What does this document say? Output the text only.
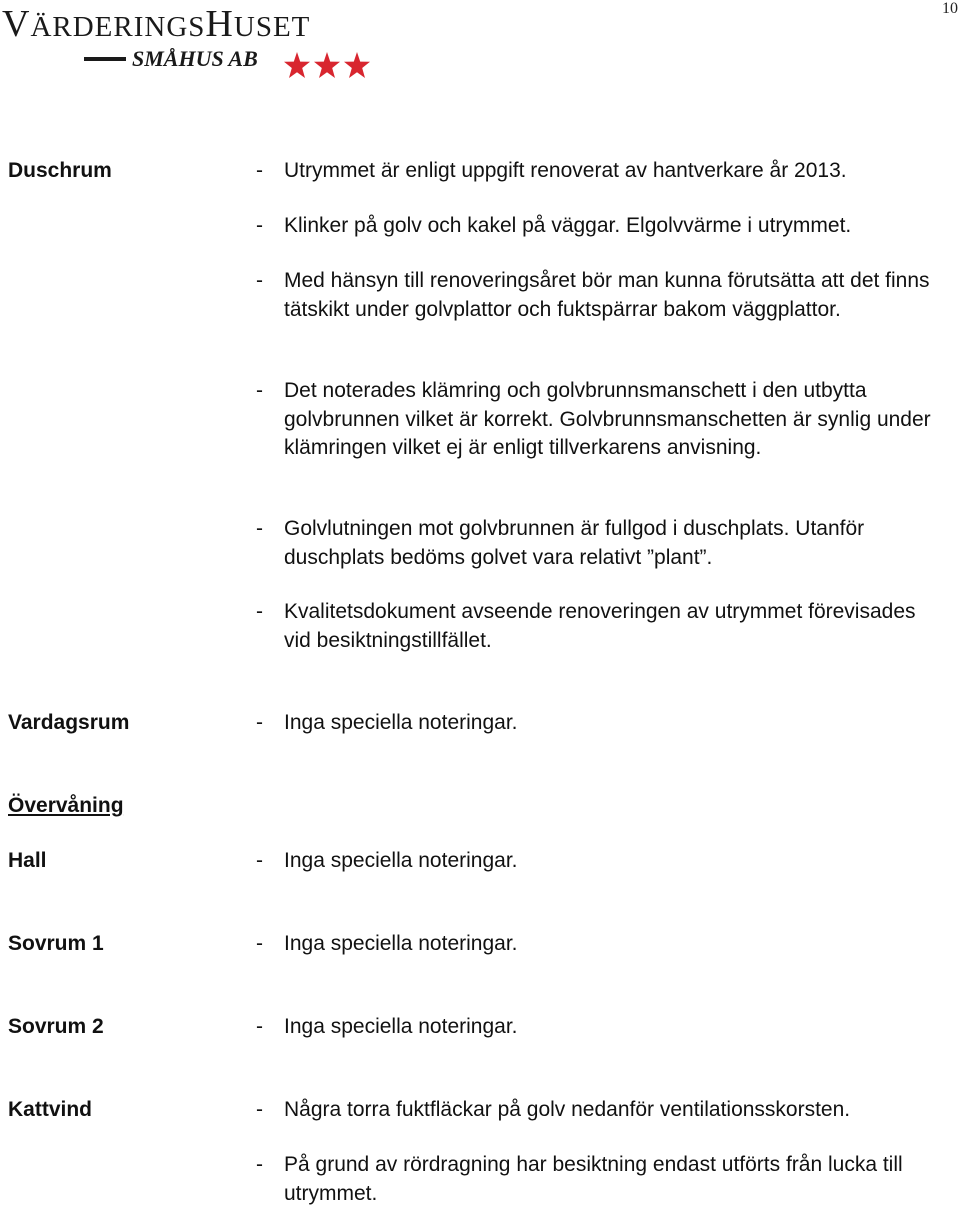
10
VÄRDERINGSHUSET
SMÅHUS AB
Duschrum	- Utrymmet är enligt uppgift renoverat av hantverkare år 2013.
- Klinker på golv och kakel på väggar. Elgolvvärme i utrymmet.
- Med hänsyn till renoveringsåret bör man kunna förutsätta att det finns tätskikt under golvplattor och fuktspärrar bakom väggplattor.
- Det noterades klämring och golvbrunnsmanschett i den utbytta golvbrunnen vilket är korrekt. Golvbrunnsmanschetten är synlig under klämringen vilket ej är enligt tillverkarens anvisning.
- Golvlutningen mot golvbrunnen är fullgod i duschplats. Utanför duschplats bedöms golvet vara relativt ”plant”.
- Kvalitetsdokument avseende renoveringen av utrymmet förevisades vid besiktningstillfället.
Vardagsrum	- Inga speciella noteringar.
Övervåning
Hall	- Inga speciella noteringar.
Sovrum 1	- Inga speciella noteringar.
Sovrum 2	- Inga speciella noteringar.
Kattvind	- Några torra fuktfläckar på golv nedanför ventilationsskorsten.
- På grund av rördragning har besiktning endast utförts från lucka till utrymmet.
